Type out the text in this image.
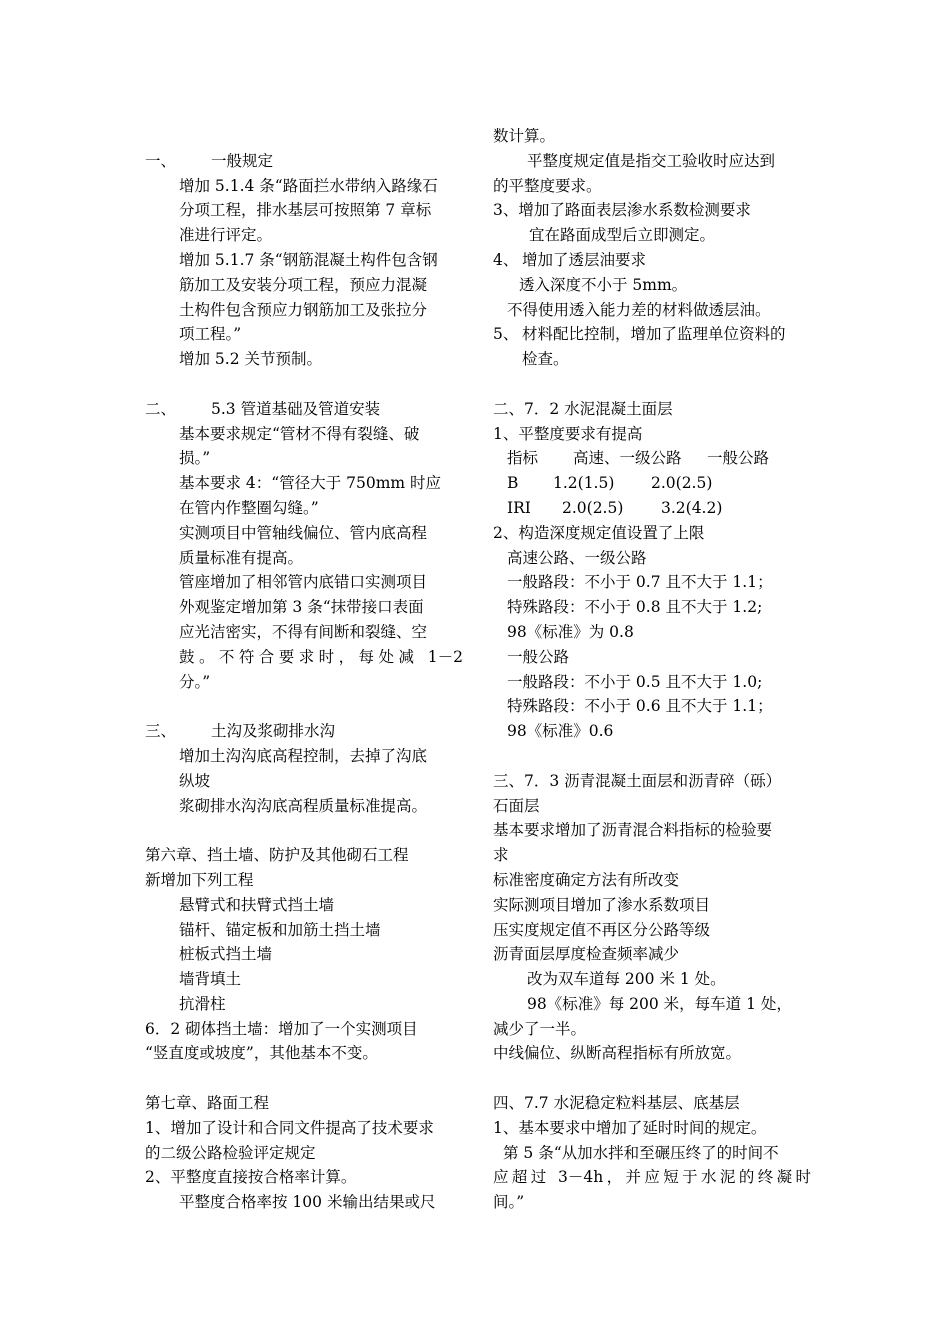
一、 一般规定
增加 5.1.4 条“路面拦水带纳入路缘石
分项工程，排水基层可按照第 7 章标
准进行评定。
增加 5.1.7 条“钢筋混凝土构件包含钢
筋加工及安装分项工程，预应力混凝
土构件包含预应力钢筋加工及张拉分
项工程。”
增加 5.2 关节预制。
二、 5.3 管道基础及管道安装
基本要求规定“管材不得有裂缝、破
损。”
基本要求 4：“管径大于 750mm 时应
在管内作整圈勾缝。”
实测项目中管轴线偏位、管内底高程
质量标准有提高。
管座增加了相邻管内底错口实测项目
外观鉴定增加第 3 条“抹带接口表面
应光洁密实，不得有间断和裂缝、空
鼓。不符合要求时，每处减 1－2
分。”
三、 土沟及浆砌排水沟
增加土沟沟底高程控制，去掉了沟底
纵坡
浆砌排水沟沟底高程质量标准提高。
第六章、挡土墙、防护及其他砌石工程
新增加下列工程
悬臂式和扶臂式挡土墙
锚杆、锚定板和加筋土挡土墙
桩板式挡土墙
墙背填土
抗滑柱
6．2 砌体挡土墙：增加了一个实测项目
“竖直度或坡度”，其他基本不变。
第七章、路面工程
1、增加了设计和合同文件提高了技术要求
的二级公路检验评定规定
2、平整度直接按合格率计算。
平整度合格率按 100 米输出结果或尺
数计算。
平整度规定值是指交工验收时应达到
的平整度要求。
3、增加了路面表层渗水系数检测要求
宜在路面成型后立即测定。
4、 增加了透层油要求
透入深度不小于 5mm。
不得使用透入能力差的材料做透层油。
5、 材料配比控制，增加了监理单位资料的
检查。
二、7．2 水泥混凝土面层
1、平整度要求有提高
指标 高速、一级公路 一般公路
B 1.2(1.5) 2.0(2.5)
IRI 2.0(2.5) 3.2(4.2)
2、构造深度规定值设置了上限
高速公路、一级公路
一般路段：不小于 0.7 且不大于 1.1；
特殊路段：不小于 0.8 且不大于 1.2;
98《标准》为 0.8
一般公路
一般路段：不小于 0.5 且不大于 1.0;
特殊路段：不小于 0.6 且不大于 1.1；
98《标准》0.6
三、7．3 沥青混凝土面层和沥青碎（砾）
石面层
基本要求增加了沥青混合料指标的检验要
求
标准密度确定方法有所改变
实际测项目增加了渗水系数项目
压实度规定值不再区分公路等级
沥青面层厚度检查频率减少
改为双车道每 200 米 1 处。
98《标准》每 200 米，每车道 1 处，
减少了一半。
中线偏位、纵断高程指标有所放宽。
四、7.7 水泥稳定粒料基层、底基层
1、基本要求中增加了延时时间的规定。
第 5 条“从加水拌和至碾压终了的时间不
应超过 3－4h，并应短于水泥的终凝时
间。”
